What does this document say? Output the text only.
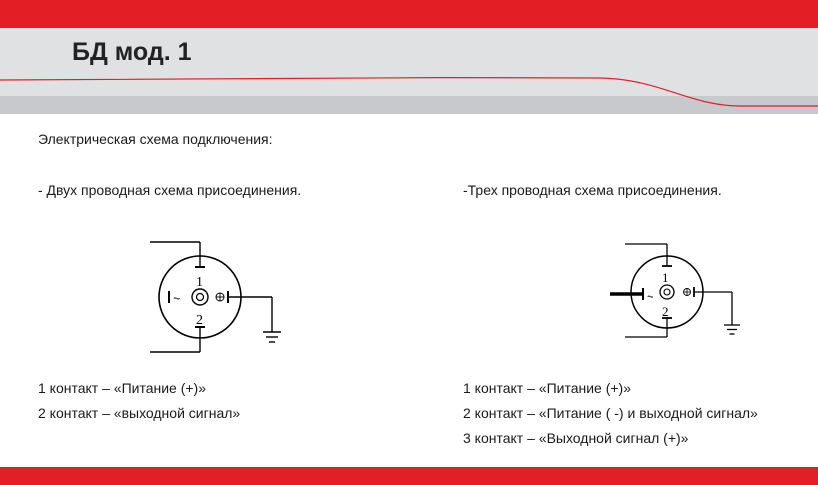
БД мод. 1
Электрическая схема подключения:
- Двух проводная схема присоединения.	-Трех проводная схема присоединения.
1
2
⏦
1
2
⏦
1 контакт – «Питание (+)»
2 контакт – «выходной сигнал»
1 контакт – «Питание (+)»
2 контакт – «Питание ( -) и выходной сигнал»
3 контакт – «Выходной сигнал (+)»
